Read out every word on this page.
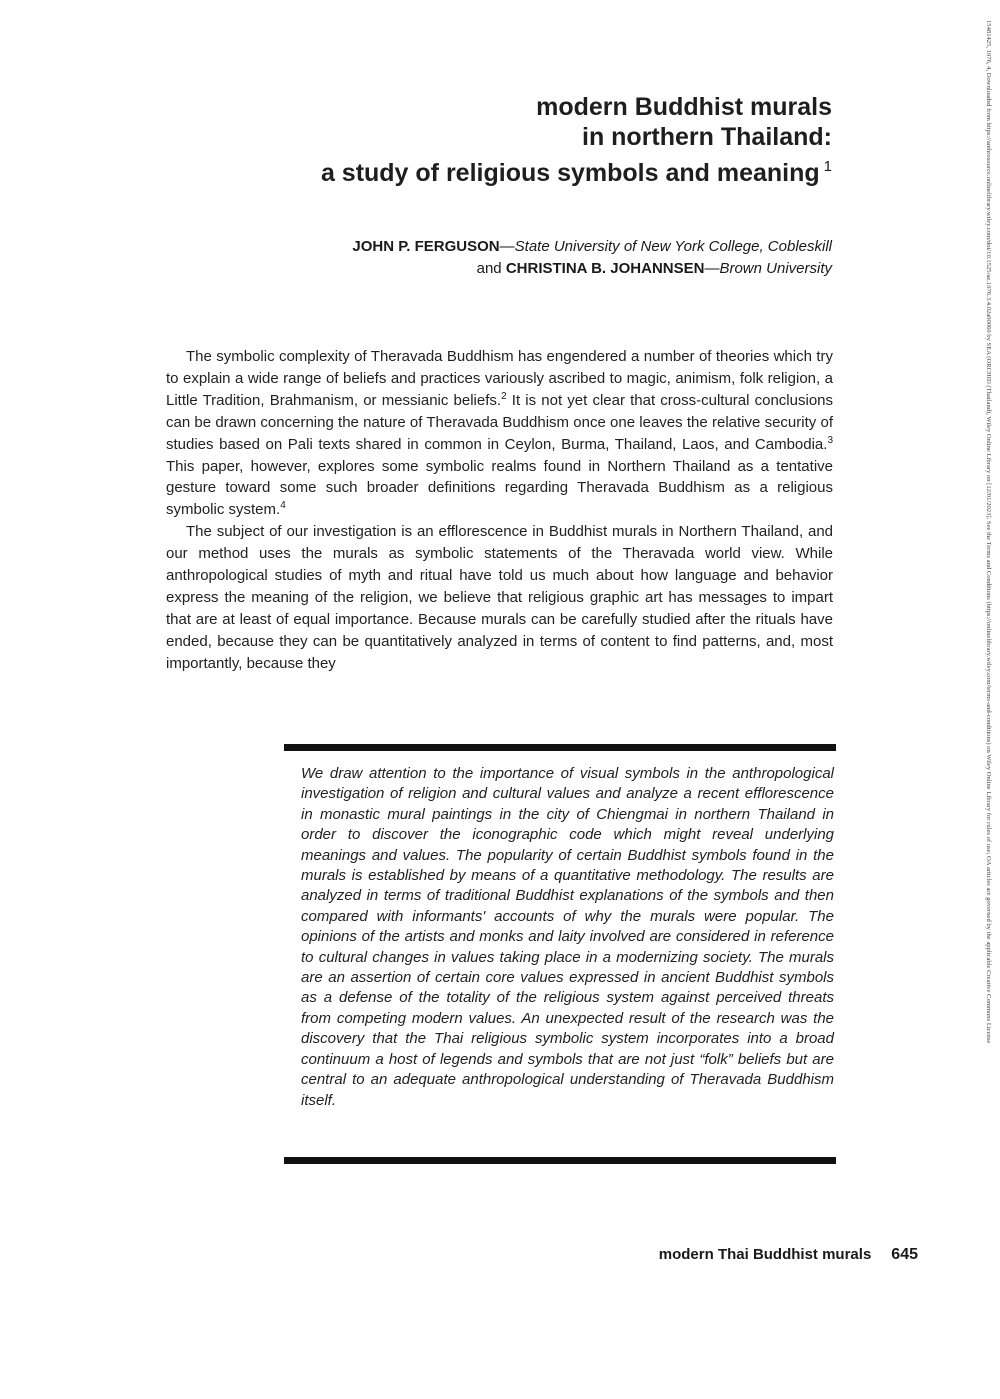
modern Buddhist murals
in northern Thailand:
a study of religious symbols and meaning $^1$
JOHN P. FERGUSON—State University of New York College, Cobleskill
and CHRISTINA B. JOHANNSEN—Brown University

The symbolic complexity of Theravada Buddhism has engendered a number of theories which try to explain a wide range of beliefs and practices variously ascribed to magic, animism, folk religion, a Little Tradition, Brahmanism, or messianic beliefs.$^2$ It is not yet clear that cross-cultural conclusions can be drawn concerning the nature of Theravada Buddhism once one leaves the relative security of studies based on Pali texts shared in common in Ceylon, Burma, Thailand, Laos, and Cambodia.$^3$ This paper, however, explores some symbolic realms found in Northern Thailand as a tentative gesture toward some such broader definitions regarding Theravada Buddhism as a religious symbolic system.$^4$

The subject of our investigation is an efflorescence in Buddhist murals in Northern Thailand, and our method uses the murals as symbolic statements of the Theravada world view. While anthropological studies of myth and ritual have told us much about how language and behavior express the meaning of the religion, we believe that religious graphic art has messages to impart that are at least of equal importance. Because murals can be carefully studied after the rituals have ended, because they can be quantitatively analyzed in terms of content to find patterns, and, most importantly, because they

We draw attention to the importance of visual symbols in the anthropological investigation of religion and cultural values and analyze a recent efflorescence in monastic mural paintings in the city of Chiengmai in northern Thailand in order to discover the iconographic code which might reveal underlying meanings and values. The popularity of certain Buddhist symbols found in the murals is established by means of a quantitative methodology. The results are analyzed in terms of traditional Buddhist explanations of the symbols and then compared with informants' accounts of why the murals were popular. The opinions of the artists and monks and laity involved are considered in reference to cultural changes in values taking place in a modernizing society. The murals are an assertion of certain core values expressed in ancient Buddhist symbols as a defense of the totality of the religious system against perceived threats from competing modern values. An unexpected result of the research was the discovery that the Thai religious symbolic system incorporates into a broad continuum a host of legends and symbols that are not just “folk” beliefs but are central to an adequate anthropological understanding of Theravada Buddhism itself.

modern Thai Buddhist murals 645
15481425, 1976, 4, Downloaded from https://anthrosource.onlinelibrary.wiley.com/doi/10.1525/ae.1976.3.4.02a00060 by SEA (ORCHID (Thailand), Wiley Online Library on [12/01/2023]. See the Terms and Conditions (https://onlinelibrary.wiley.com/terms-and-conditions) on Wiley Online Library for rules of use; OA articles are governed by the applicable Creative Commons License
